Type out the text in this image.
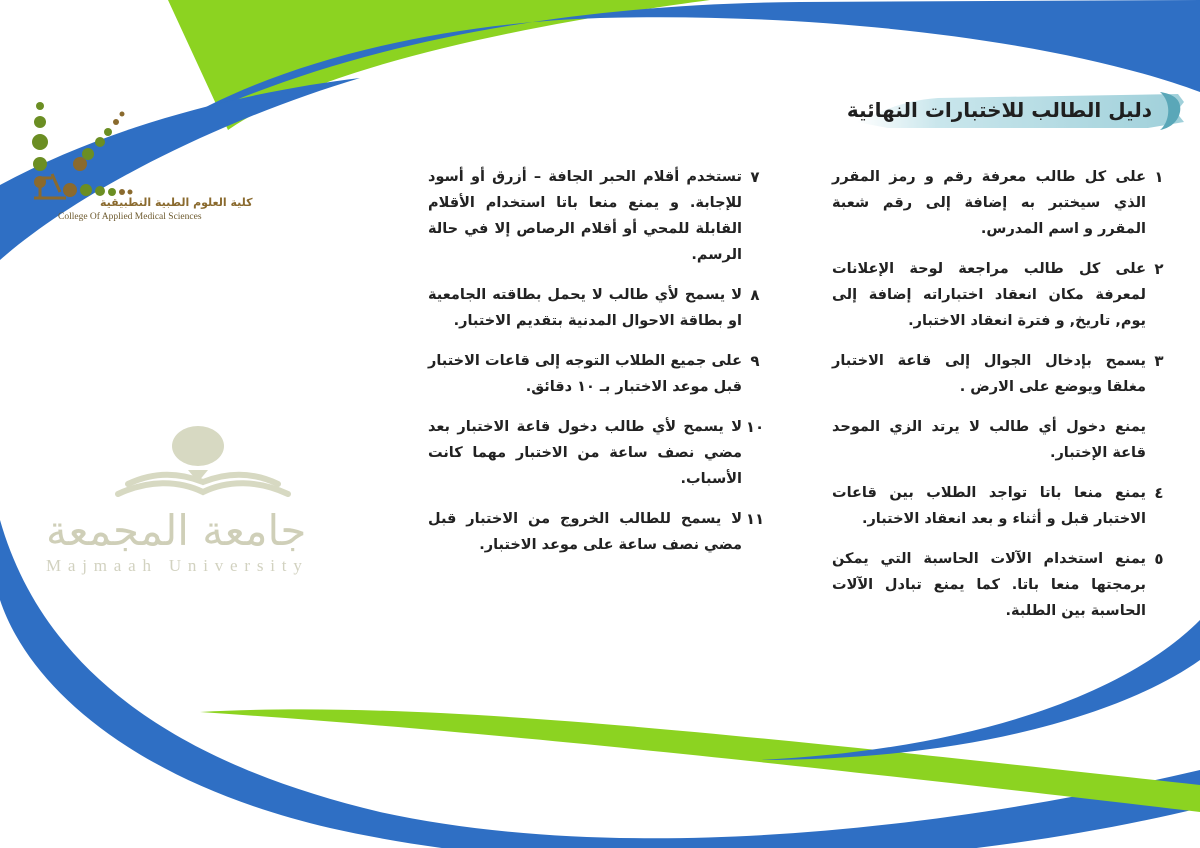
كلية العلوم الطبية التطبيقية
College Of Applied Medical Sciences
جامعة المجمعة
Majmaah University
دليل الطالب للاختبارات النهائية
١
على كل طالب معرفة رقم و رمز المقرر الذي سيختبر به إضافة إلى رقم شعبة المقرر و اسم المدرس.
٢
على كل طالب مراجعة لوحة الإعلانات لمعرفة مكان انعقاد اختباراته إضافة إلى يوم, تاريخ, و فترة انعقاد الاختبار.
٣
يسمح بإدخال الجوال إلى قاعة الاختبار مغلقا ويوضع على الارض .
يمنع دخول أي طالب لا يرتد الزي الموحد قاعة الإختبار.
٤
يمنع منعا باتا تواجد الطلاب بين قاعات الاختبار قبل و أثناء و بعد انعقاد الاختبار.
٥
يمنع استخدام الآلات الحاسبة التي يمكن برمجتها منعا باتا. كما يمنع تبادل الآلات الحاسبة بين الطلبة.
٧
تستخدم أقلام الحبر الجافة – أزرق أو أسود للإجابة. و يمنع منعا باتا استخدام الأقلام القابلة للمحي أو أقلام الرصاص إلا في حالة الرسم.
٨
لا يسمح لأي طالب لا يحمل بطاقته الجامعية او بطاقة الاحوال المدنية بتقديم الاختبار.
٩
على جميع الطلاب التوجه إلى قاعات الاختبار قبل موعد الاختبار بـ ١٠ دقائق.
١٠
لا يسمح لأي طالب دخول قاعة الاختبار بعد مضي نصف ساعة من الاختبار مهما كانت الأسباب.
١١
لا يسمح للطالب الخروج من الاختبار قبل مضي نصف ساعة على موعد الاختبار.
